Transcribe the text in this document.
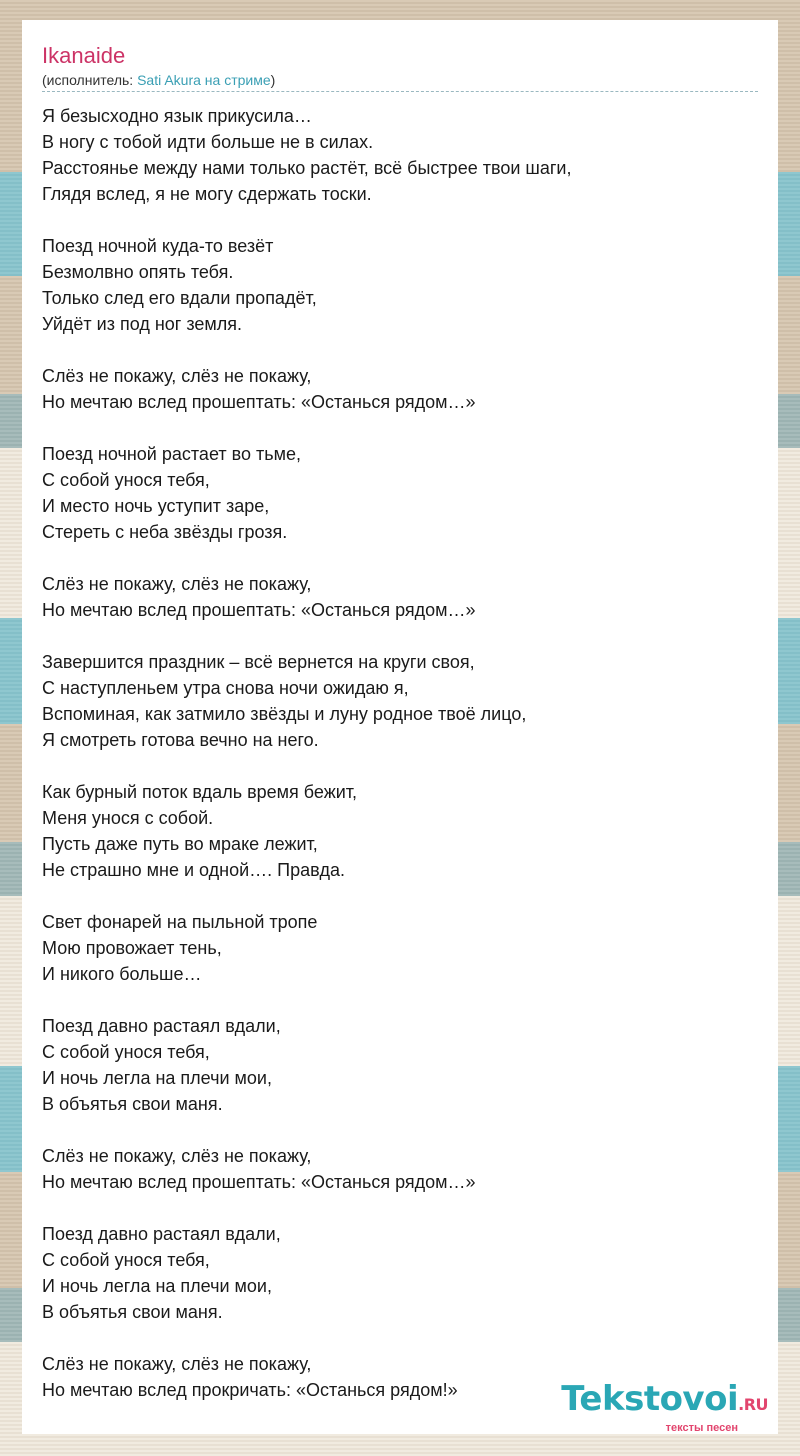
Ikanaide
(исполнитель: Sati Akura на стриме)
Я безысходно язык прикусила…
В ногу с тобой идти больше не в силах.
Расстоянье между нами только растёт, всё быстрее твои шаги,
Глядя вслед, я не могу сдержать тоски.
Поезд ночной куда-то везёт
Безмолвно опять тебя.
Только след его вдали пропадёт,
Уйдёт из под ног земля.
Слёз не покажу, слёз не покажу,
Но мечтаю вслед прошептать: «Останься рядом…»
Поезд ночной растает во тьме,
С собой унося тебя,
И место ночь уступит заре,
Стереть с неба звёзды грозя.
Слёз не покажу, слёз не покажу,
Но мечтаю вслед прошептать: «Останься рядом…»
Завершится праздник – всё вернется на круги своя,
С наступленьем утра снова ночи ожидаю я,
Вспоминая, как затмило звёзды и луну родное твоё лицо,
Я смотреть готова вечно на него.
Как бурный поток вдаль время бежит,
Меня унося с собой.
Пусть даже путь во мраке лежит,
Не страшно мне и одной…. Правда.
Свет фонарей на пыльной тропе
Мою провожает тень,
И никого больше…
Поезд давно растаял вдали,
С собой унося тебя,
И ночь легла на плечи мои,
В объятья свои маня.
Слёз не покажу, слёз не покажу,
Но мечтаю вслед прошептать: «Останься рядом…»
Поезд давно растаял вдали,
С собой унося тебя,
И ночь легла на плечи мои,
В объятья свои маня.
Слёз не покажу, слёз не покажу,
Но мечтаю вслед прокричать: «Останься рядом!»	Tekstovoi.RU
тексты песен
